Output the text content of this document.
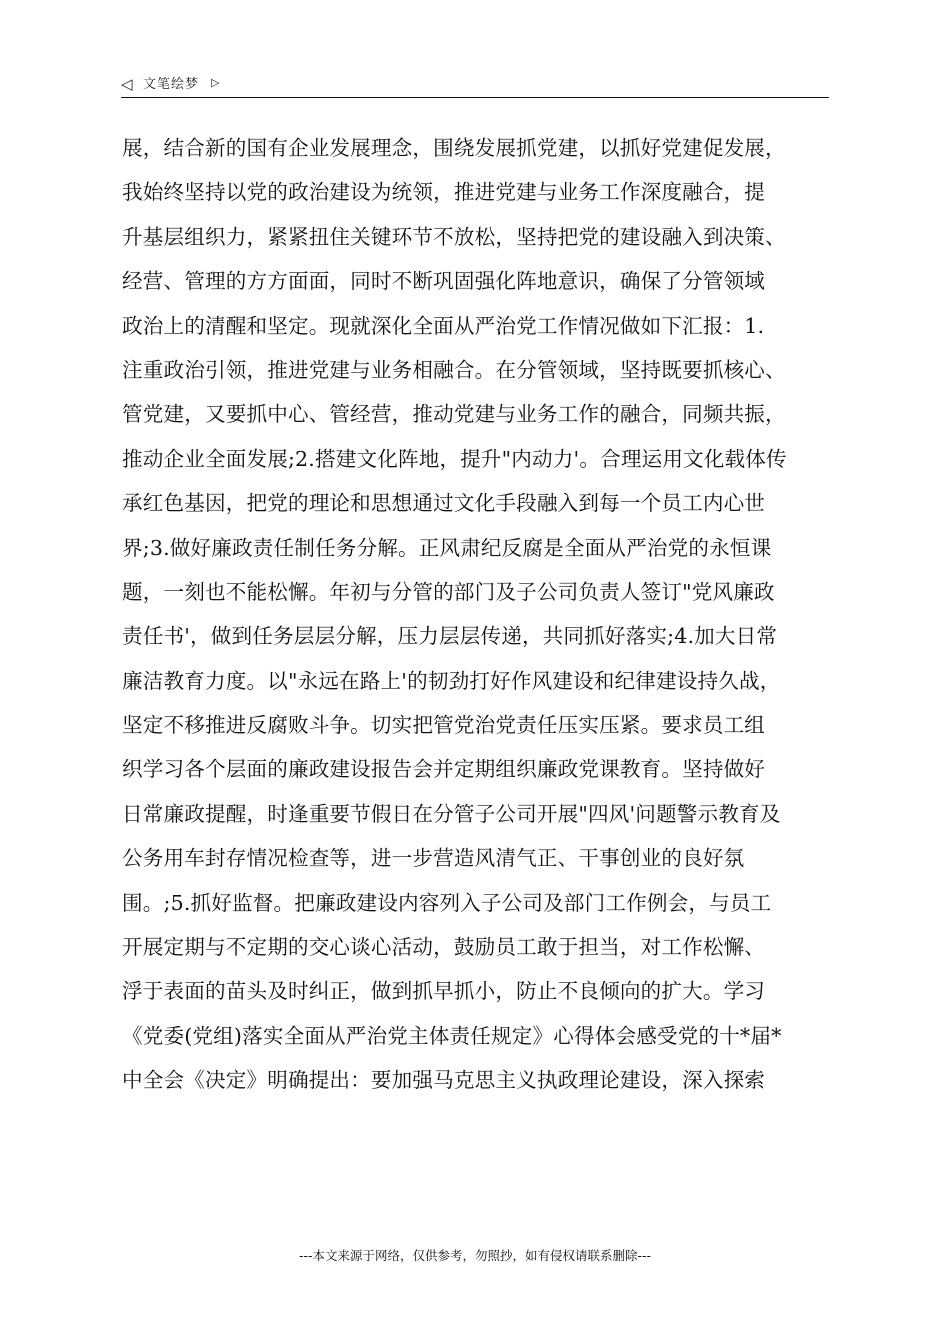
◁ 文笔绘梦 ▷
展，结合新的国有企业发展理念，围绕发展抓党建，以抓好党建促发展，
我始终坚持以党的政治建设为统领，推进党建与业务工作深度融合，提
升基层组织力，紧紧扭住关键环节不放松，坚持把党的建设融入到决策、
经营、管理的方方面面，同时不断巩固强化阵地意识，确保了分管领域
政治上的清醒和坚定。现就深化全面从严治党工作情况做如下汇报：1.
注重政治引领，推进党建与业务相融合。在分管领域，坚持既要抓核心、
管党建，又要抓中心、管经营，推动党建与业务工作的融合，同频共振，
推动企业全面发展;2.搭建文化阵地，提升"内动力'。合理运用文化载体传
承红色基因，把党的理论和思想通过文化手段融入到每一个员工内心世
界;3.做好廉政责任制任务分解。正风肃纪反腐是全面从严治党的永恒课
题，一刻也不能松懈。年初与分管的部门及子公司负责人签订"党风廉政
责任书'，做到任务层层分解，压力层层传递，共同抓好落实;4.加大日常
廉洁教育力度。以"永远在路上'的韧劲打好作风建设和纪律建设持久战，
坚定不移推进反腐败斗争。切实把管党治党责任压实压紧。要求员工组
织学习各个层面的廉政建设报告会并定期组织廉政党课教育。坚持做好
日常廉政提醒，时逢重要节假日在分管子公司开展"四风'问题警示教育及
公务用车封存情况检查等，进一步营造风清气正、干事创业的良好氛
围。;5.抓好监督。把廉政建设内容列入子公司及部门工作例会，与员工
开展定期与不定期的交心谈心活动，鼓励员工敢于担当，对工作松懈、
浮于表面的苗头及时纠正，做到抓早抓小，防止不良倾向的扩大。学习
《党委(党组)落实全面从严治党主体责任规定》心得体会感受党的十*届*
中全会《决定》明确提出：要加强马克思主义执政理论建设，深入探索
---本文来源于网络，仅供参考，勿照抄，如有侵权请联系删除---
